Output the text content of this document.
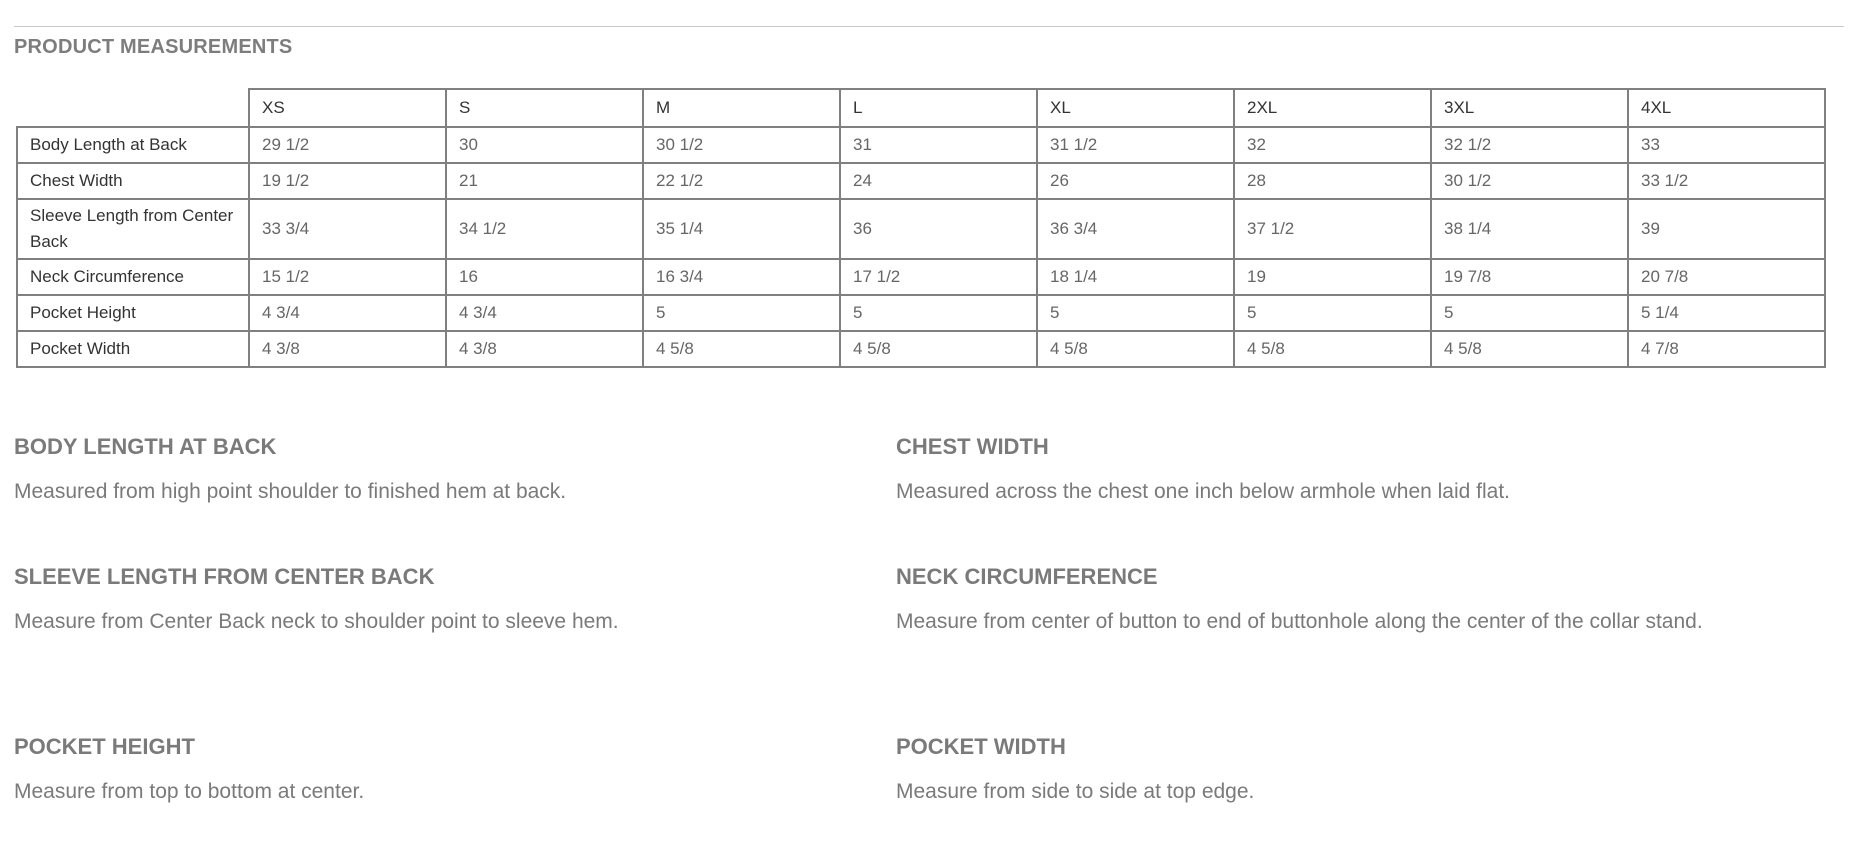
PRODUCT MEASUREMENTS
	XS	S	M	L	XL	2XL	3XL	4XL
Body Length at Back	29 1/2	30	30 1/2	31	31 1/2	32	32 1/2	33
Chest Width	19 1/2	21	22 1/2	24	26	28	30 1/2	33 1/2
Sleeve Length from Center Back	33 3/4	34 1/2	35 1/4	36	36 3/4	37 1/2	38 1/4	39
Neck Circumference	15 1/2	16	16 3/4	17 1/2	18 1/4	19	19 7/8	20 7/8
Pocket Height	4 3/4	4 3/4	5	5	5	5	5	5 1/4
Pocket Width	4 3/8	4 3/8	4 5/8	4 5/8	4 5/8	4 5/8	4 5/8	4 7/8
BODY LENGTH AT BACK

Measured from high point shoulder to finished hem at back.

CHEST WIDTH

Measured across the chest one inch below armhole when laid flat.

SLEEVE LENGTH FROM CENTER BACK

Measure from Center Back neck to shoulder point to sleeve hem.

NECK CIRCUMFERENCE

Measure from center of button to end of buttonhole along the center of the collar stand.

POCKET HEIGHT

Measure from top to bottom at center.

POCKET WIDTH

Measure from side to side at top edge.
